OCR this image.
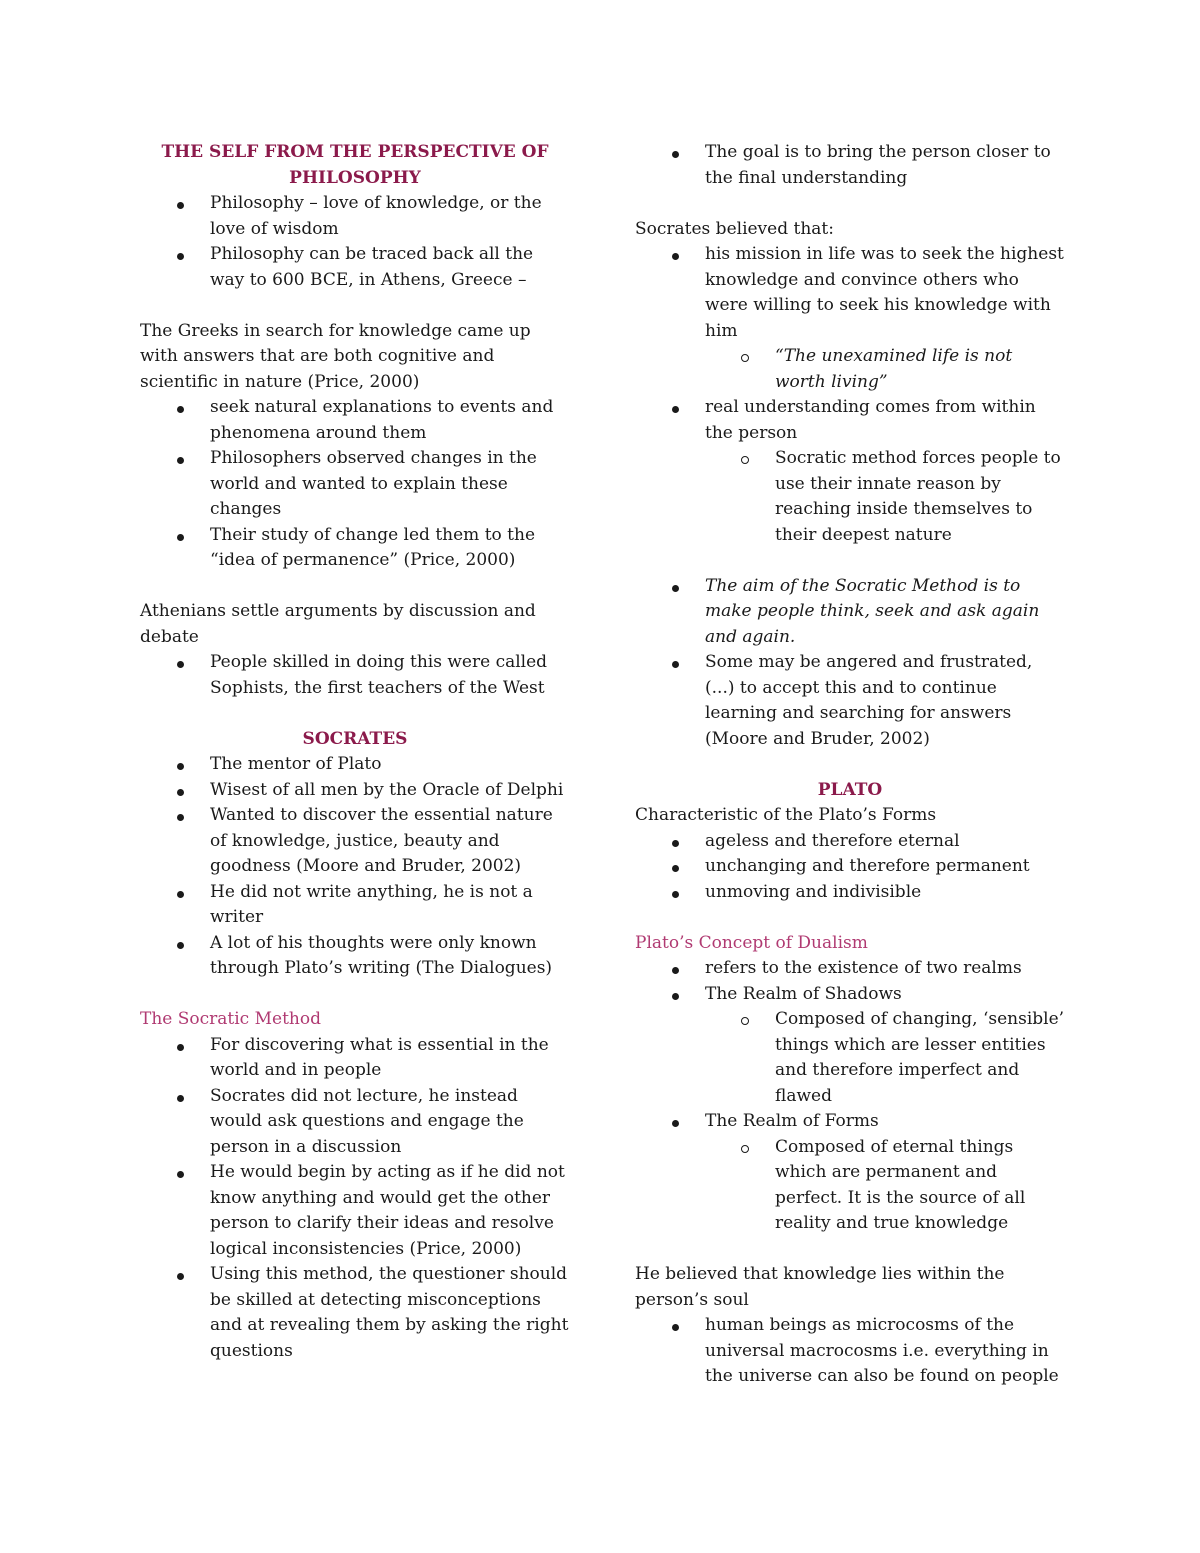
THE SELF FROM THE PERSPECTIVE OF

PHILOSOPHY

Philosophy – love of knowledge, or the love of wisdom
Philosophy can be traced back all the way to 600 BCE, in Athens, Greece –

The Greeks in search for knowledge came up with answers that are both cognitive and scientific in nature (Price, 2000)

seek natural explanations to events and phenomena around them
Philosophers observed changes in the world and wanted to explain these changes
Their study of change led them to the “idea of permanence” (Price, 2000)

Athenians settle arguments by discussion and debate

People skilled in doing this were called Sophists, the first teachers of the West

SOCRATES

The mentor of Plato
Wisest of all men by the Oracle of Delphi
Wanted to discover the essential nature of knowledge, justice, beauty and goodness (Moore and Bruder, 2002)
He did not write anything, he is not a writer
A lot of his thoughts were only known through Plato’s writing (The Dialogues)

The Socratic Method

For discovering what is essential in the world and in people
Socrates did not lecture, he instead would ask questions and engage the person in a discussion
He would begin by acting as if he did not know anything and would get the other person to clarify their ideas and resolve logical inconsistencies (Price, 2000)
Using this method, the questioner should be skilled at detecting misconceptions and at revealing them by asking the right questions
The goal is to bring the person closer to the final understanding

Socrates believed that:

his mission in life was to seek the highest knowledge and convince others who were willing to seek his knowledge with him
“The unexamined life is not worth living”
real understanding comes from within the person
Socratic method forces people to use their innate reason by reaching inside themselves to their deepest nature
The aim of the Socratic Method is to make people think, seek and ask again and again.
Some may be angered and frustrated, (...) to accept this and to continue learning and searching for answers (Moore and Bruder, 2002)

PLATO

Characteristic of the Plato’s Forms

ageless and therefore eternal
unchanging and therefore permanent
unmoving and indivisible

Plato’s Concept of Dualism

refers to the existence of two realms
The Realm of Shadows
Composed of changing, ‘sensible’ things which are lesser entities and therefore imperfect and flawed
The Realm of Forms
Composed of eternal things which are permanent and perfect. It is the source of all reality and true knowledge

He believed that knowledge lies within the person’s soul

human beings as microcosms of the universal macrocosms i.e. everything in the universe can also be found on people
